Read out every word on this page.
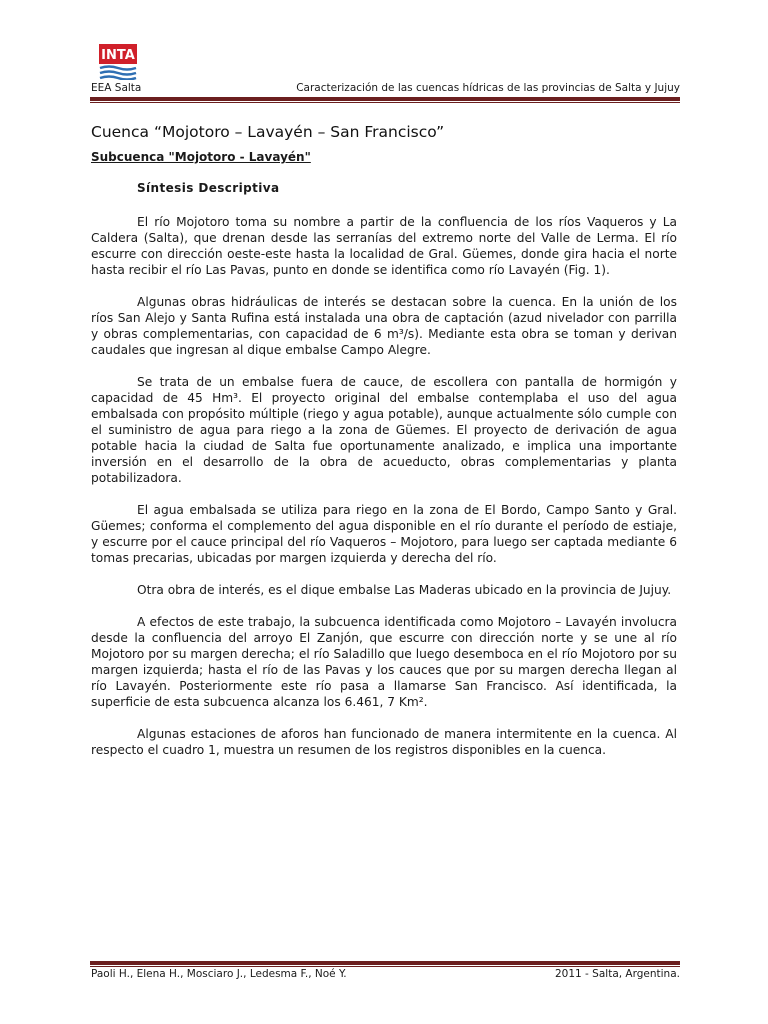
INTA
EEA Salta	Caracterización de las cuencas hídricas de las provincias de Salta y Jujuy
Cuenca “Mojotoro – Lavayén – San Francisco”
Subcuenca "Mojotoro - Lavayén"
Síntesis Descriptiva

El río Mojotoro toma su nombre a partir de la confluencia de los ríos Vaqueros y La Caldera (Salta), que drenan desde las serranías del extremo norte del Valle de Lerma. El río escurre con dirección oeste-este hasta la localidad de Gral. Güemes, donde gira hacia el norte hasta recibir el río Las Pavas, punto en donde se identifica como río Lavayén (Fig. 1).

Algunas obras hidráulicas de interés se destacan sobre la cuenca. En la unión de los ríos San Alejo y Santa Rufina está instalada una obra de captación (azud nivelador con parrilla y obras complementarias, con capacidad de 6 m³/s). Mediante esta obra se toman y derivan caudales que ingresan al dique embalse Campo Alegre.

Se trata de un embalse fuera de cauce, de escollera con pantalla de hormigón y capacidad de 45 Hm³. El proyecto original del embalse contemplaba el uso del agua embalsada con propósito múltiple (riego y agua potable), aunque actualmente sólo cumple con el suministro de agua para riego a la zona de Güemes. El proyecto de derivación de agua potable hacia la ciudad de Salta fue oportunamente analizado, e implica una importante inversión en el desarrollo de la obra de acueducto, obras complementarias y planta potabilizadora.

El agua embalsada se utiliza para riego en la zona de El Bordo, Campo Santo y Gral. Güemes; conforma el complemento del agua disponible en el río durante el período de estiaje, y escurre por el cauce principal del río Vaqueros – Mojotoro, para luego ser captada mediante 6 tomas precarias, ubicadas por margen izquierda y derecha del río.

Otra obra de interés, es el dique embalse Las Maderas ubicado en la provincia de Jujuy.

A efectos de este trabajo, la subcuenca identificada como Mojotoro – Lavayén involucra desde la confluencia del arroyo El Zanjón, que escurre con dirección norte y se une al río Mojotoro por su margen derecha; el río Saladillo que luego desemboca en el río Mojotoro por su margen izquierda; hasta el río de las Pavas y los cauces que por su margen derecha llegan al río Lavayén. Posteriormente este río pasa a llamarse San Francisco. Así identificada, la superficie de esta subcuenca alcanza los 6.461, 7 Km².

Algunas estaciones de aforos han funcionado de manera intermitente en la cuenca. Al respecto el cuadro 1, muestra un resumen de los registros disponibles en la cuenca.

Paoli H., Elena H., Mosciaro J., Ledesma F., Noé Y.	2011 - Salta, Argentina.
